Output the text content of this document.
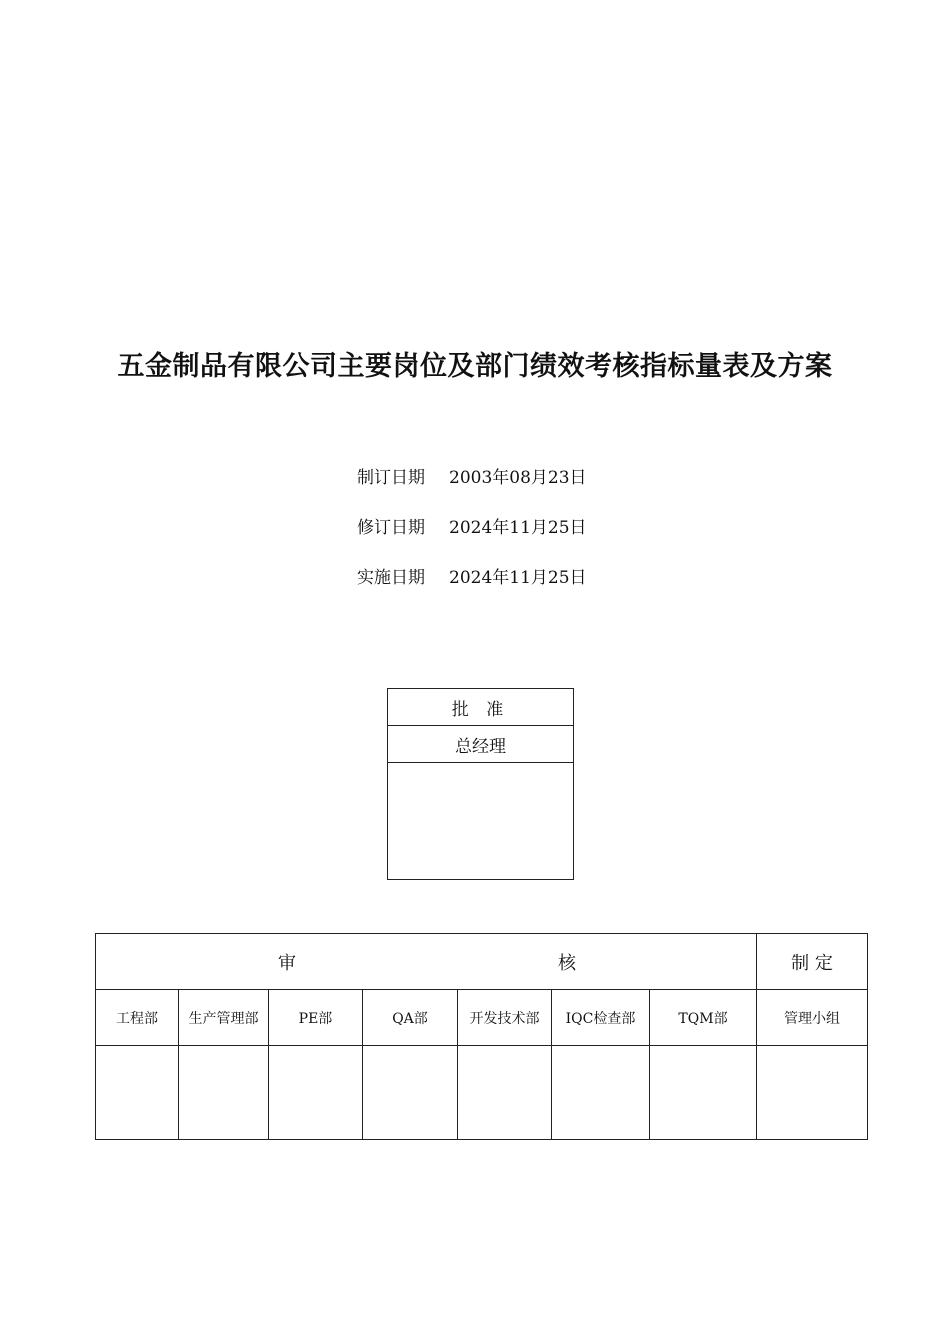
五金制品有限公司主要岗位及部门绩效考核指标量表及方案
制订日期 2003年08月23日
修订日期 2024年11月25日
实施日期 2024年11月25日
批 准
总经理

审 核							制 定
工程部	生产管理部	PE部	QA部	开发技术部	IQC检查部	TQM部	管理小组
